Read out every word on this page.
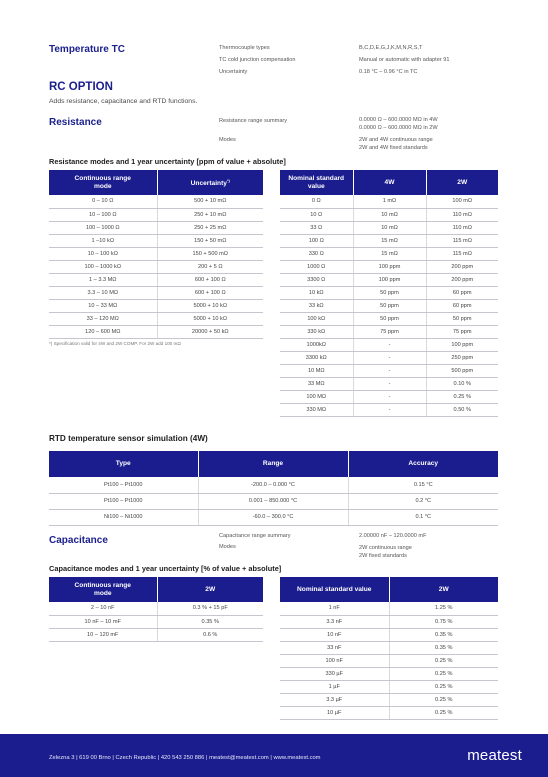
Temperature TC	Thermocouple types	B,C,D,E,G,J,K,M,N,R,S,T
TC cold junction compensation	Manual or automatic with adapter 91
Uncertainty	0.18 °C – 0.96 °C in TC
RC OPTION
Adds resistance, capacitance and RTD functions.
Resistance	Resistance range summary	0.0000 Ω – 600.0000 MΩ in 4W
0.0000 Ω – 600.0000 MΩ in 2W
Modes	2W and 4W continuous range
2W and 4W fixed standards
Resistance modes and 1 year uncertainty [ppm of value + absolute]
Continuous range mode	Uncertainty*)
0 – 10 Ω	500 + 10 mΩ
10 – 100 Ω	250 + 10 mΩ
100 – 1000 Ω	250 + 25 mΩ
1 –10 kΩ	150 + 50 mΩ
10 – 100 kΩ	150 + 500 mΩ
100 – 1000 kΩ	200 + 5 Ω
1 – 3.3 MΩ	600 + 100 Ω
3.3 – 10 MΩ	600 + 100 Ω
10 – 33 MΩ	5000 + 10 kΩ
33 – 120 MΩ	5000 + 10 kΩ
120 – 600 MΩ	20000 + 50 kΩ
*) Specification valid for 4W and 2W COMP. For 2W add 100 mΩ
Nominal standard value	4W	2W
0 Ω	1 mΩ	100 mΩ
10 Ω	10 mΩ	110 mΩ
33 Ω	10 mΩ	110 mΩ
100 Ω	15 mΩ	115 mΩ
330 Ω	15 mΩ	115 mΩ
1000 Ω	100 ppm	200 ppm
3300 Ω	100 ppm	200 ppm
10 kΩ	50 ppm	60 ppm
33 kΩ	50 ppm	60 ppm
100 kΩ	50 ppm	50 ppm
330 kΩ	75 ppm	75 ppm
1000kΩ	-	100 ppm
3300 kΩ	-	250 ppm
10 MΩ	-	500 ppm
33 MΩ	-	0.10 %
100 MΩ	-	0.25 %
330 MΩ	-	0.50 %
RTD temperature sensor simulation (4W)
Type	Range	Accuracy
Pt100 – Pt1000	-200.0 – 0.000 °C	0.15 °C
Pt100 – Pt1000	0.001 – 850.000 °C	0.2 °C
Ni100 – Ni1000	-60.0 – 300.0 °C	0.1 °C
Capacitance	Capacitance range summary	2.00000 nF – 120.0000 mF
Modes	2W continuous range
2W fixed standards
Capacitance modes and 1 year uncertainty [% of value + absolute]
Continuous range mode	2W
2 – 10 nF	0.3 % + 15 pF
10 nF – 10 mF	0.35 %
10 – 120 mF	0.6 %
Nominal standard value	2W
1 nF	1.25 %
3.3 nF	0.75 %
10 nF	0.35 %
33 nF	0.35 %
100 nF	0.25 %
330 µF	0.25 %
1 µF	0.25 %
3.3 µF	0.25 %
10 µF	0.25 %
Zelezna 3 | 619 00 Brno | Czech Republic | 420 543 250 886 | meatest@meatest.com | www.meatest.com	meatest
